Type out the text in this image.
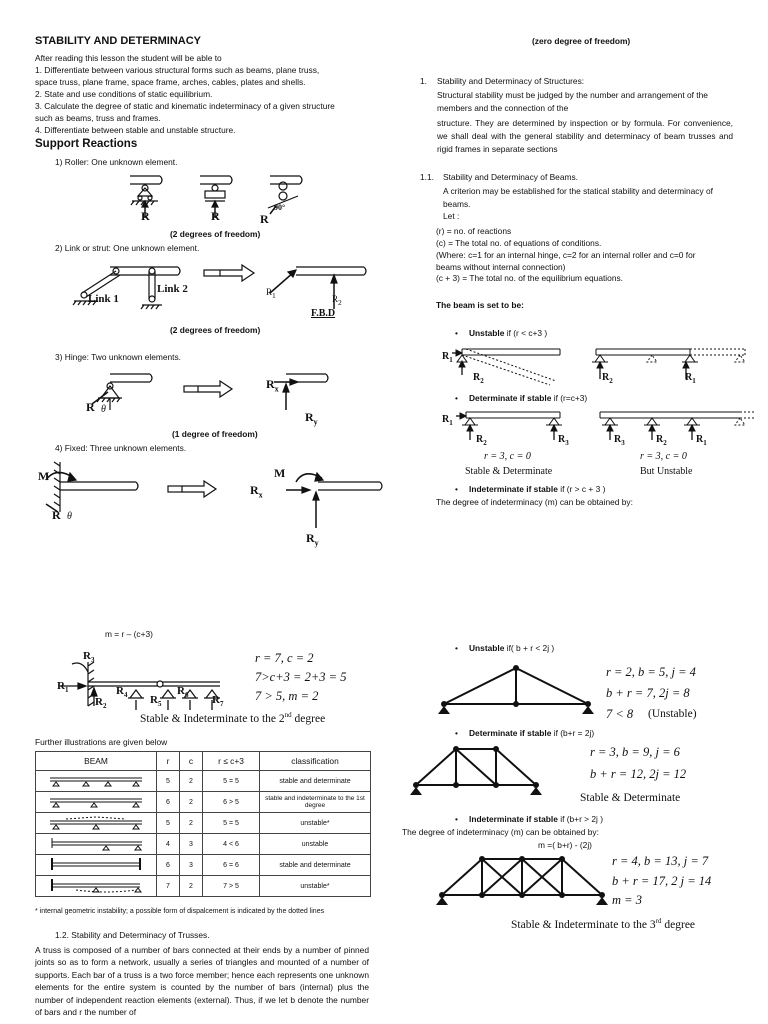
STABILITY AND DETERMINACY
After reading this lesson the student will be able to
1. Differentiate between various structural forms such as beams, plane truss,
space truss, plane frame, space frame, arches, cables, plates and shells.
2. State and use conditions of static equilibrium.
3. Calculate the degree of static and kinematic indeterminacy of a given structure
such as beams, truss and frames.
4. Differentiate between stable and unstable structure.
Support Reactions
1) Roller: One unknown element.
R	R	R
90°
(2 degrees of freedom)
2) Link or strut: One unknown element.
Link 1
Link 2	$R_1$	$R_2$
F.B.D
(2 degrees of freedom)
3) Hinge: Two unknown elements.
R θ
$R_x$
$R_y$
(1 degree of freedom)
4) Fixed: Three unknown elements.
M
R θ
M
$R_x$
$R_y$
m = r – (c+3)
$R_3$
$R_1$
$R_2$
$R_4$ $R_5$
$R_6$ $R_7$
r = 7, c = 2
7>c+3 = 2+3 = 5
7 > 5, m = 2
Stable & Indeterminate to the 2nd degree
Further illustrations are given below
BEAM	r	c	r ≤ c+3	classification
	5	2	5 = 5	stable and determinate
	6	2	6 > 5	stable and indeterminate to the 1st degree
	5	2	5 = 5	unstable*
	4	3	4 < 6	unstable
	6	3	6 = 6	stable and determinate
	7	2	7 > 5	unstable*
* internal geometric instability; a possible form of dispalcement is indicated by the dotted lines
1.2. Stability and Determinacy of Trusses.
A truss is composed of a number of bars connected at their ends by a number of pinned joints so as to form a network, usually a series of triangles and mounted of a number of supports. Each bar of a truss is a two force member; hence each represents one unknown elements for the entire system is counted by the number of bars (internal) plus the number of independent reaction elements (external). Thus, if we let b denote the number of bars and r the number of
(zero degree of freedom)
1. Stability and Determinacy of Structures:
Structural stability must be judged by the number and arrangement of the members and the connection of the
structure. They are determined by inspection or by formula. For convenience, we shall deal with the general stability and determinacy of beam trusses and rigid frames in separate sections
1.1. Stability and Determinacy of Beams.
A criterion may be established for the statical stability and determinacy of beams.
Let :
(r) = no. of reactions
(c) = The total no. of equations of conditions.
(Where: c=1 for an internal hinge, c=2 for an internal roller and c=0 for
beams without internal connection)
(c + 3) = The total no. of the equilibrium equations.
The beam is set to be:
• Unstable if (r < c+3 )
$R_1$
$R_2$	$R_2$	$R_1$
• Determinate if stable if (r=c+3)
$R_1$
$R_2$	$R_3$	$R_3$	$R_2$	$R_1$
r = 3, c = 0
Stable & Determinate
r = 3, c = 0
But Unstable
• Indeterminate if stable if (r > c + 3 )
The degree of indeterminacy (m) can be obtained by:
• Unstable if( b + r < 2j )
r = 2, b = 5, j = 4
b + r = 7, 2j = 8
7 < 8 (Unstable)
• Determinate if stable if (b+r = 2j)
r = 3, b = 9, j = 6
b + r = 12, 2j = 12
Stable & Determinate
• Indeterminate if stable if (b+r > 2j )
The degree of indeterminacy (m) can be obtained by:
m =( b+r) - (2j)
r = 4, b = 13, j = 7
b + r = 17, 2 j = 14
m = 3
Stable & Indeterminate to the 3rd degree
